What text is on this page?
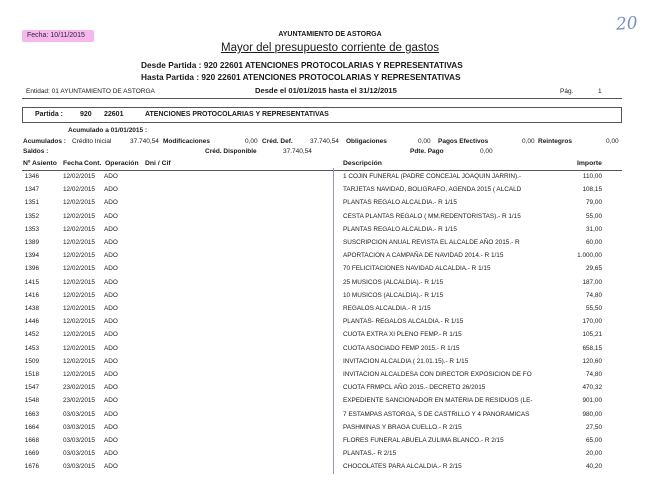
Fecha: 10/11/2015
20
AYUNTAMIENTO DE ASTORGA
Mayor del presupuesto corriente de gastos
Desde Partida : 920 22601 ATENCIONES PROTOCOLARIAS Y REPRESENTATIVAS
Hasta Partida : 920 22601 ATENCIONES PROTOCOLARIAS Y REPRESENTATIVAS
Entidad: 01 AYUNTAMIENTO DE ASTORGA	Desde el 01/01/2015 hasta el 31/12/2015	Pág.	1
Partida : 920 22601	ATENCIONES PROTOCOLARIAS Y REPRESENTATIVAS
Acumulado a 01/01/2015 :
Acumulados : Crédito Inicial	37.740,54 Modificaciones	0,00 Créd. Def.	37.740,54 Obligaciones	0,00 Pagos Efectivos	0,00 Reintegros	0,00
Saldos :	Créd. Disponible	37.740,54	Pdte. Pago	0,00
Nº Asiento Fecha Cont. Operación Dni / Cif	Descripción	Importe
1346	12/02/2015 ADO	1 COJIN FUNERAL (PADRE CONCEJAL JOAQUIN JARRIN).-	110,00
1347	12/02/2015 ADO	TARJETAS NAVIDAD, BOLIGRAFO, AGENDA 2015 ( ALCALD	108,15
1351	12/02/2015 ADO	PLANTAS REGALO ALCALDIA.- R 1/15	79,00
1352	12/02/2015 ADO	CESTA PLANTAS REGALO ( MM.REDENTORISTAS).- R 1/15	55,00
1353	12/02/2015 ADO	PLANTAS REGALO ALCALDIA.- R 1/15	31,00
1389	12/02/2015 ADO	SUSCRIPCION ANUAL REVISTA EL ALCALDE AÑO 2015.- R	60,00
1394	12/02/2015 ADO	APORTACION A CAMPAÑA DE NAVIDAD 2014.- R 1/15	1.000,00
1396	12/02/2015 ADO	70 FELICITACIONES NAVIDAD ALCALDIA.- R 1/15	29,65
1415	12/02/2015 ADO	25 MUSICOS (ALCALDIA).- R 1/15	187,00
1416	12/02/2015 ADO	10 MUSICOS (ALCALDIA).- R 1/15	74,80
1438	12/02/2015 ADO	REGALOS ALCALDIA.- R 1/15	55,50
1446	12/02/2015 ADO	PLANTAS- REGALOS ALCALDIA.- R 1/15	170,00
1452	12/02/2015 ADO	CUOTA EXTRA XI PLENO FEMP.- R 1/15	105,21
1453	12/02/2015 ADO	CUOTA ASOCIADO FEMP 2015.- R 1/15	658,15
1509	12/02/2015 ADO	INVITACION ALCALDIA ( 21.01.15).- R 1/15	120,60
1518	12/02/2015 ADO	INVITACION ALCALDESA CON DIRECTOR EXPOSICION DE FO	74,80
1547	23/02/2015 ADO	CUOTA FRMPCL AÑO 2015.- DECRETO 26/2015	470,32
1548	23/02/2015 ADO	EXPEDIENTE SANCIONADOR EN MATERIA DE RESIDUOS (LE-	901,00
1663	03/03/2015 ADO	7 ESTAMPAS ASTORGA, 5 DE CASTRILLO Y 4 PANORAMICAS	980,00
1664	03/03/2015 ADO	PASHMINAS Y BRAGA CUELLO.- R 2/15	27,50
1668	03/03/2015 ADO	FLORES FUNERAL ABUELA ZULIMA BLANCO.- R 2/15	65,00
1669	03/03/2015 ADO	PLANTAS.- R 2/15	20,00
1676	03/03/2015 ADO	CHOCOLATES PARA ALCALDIA.- R 2/15	40,20
